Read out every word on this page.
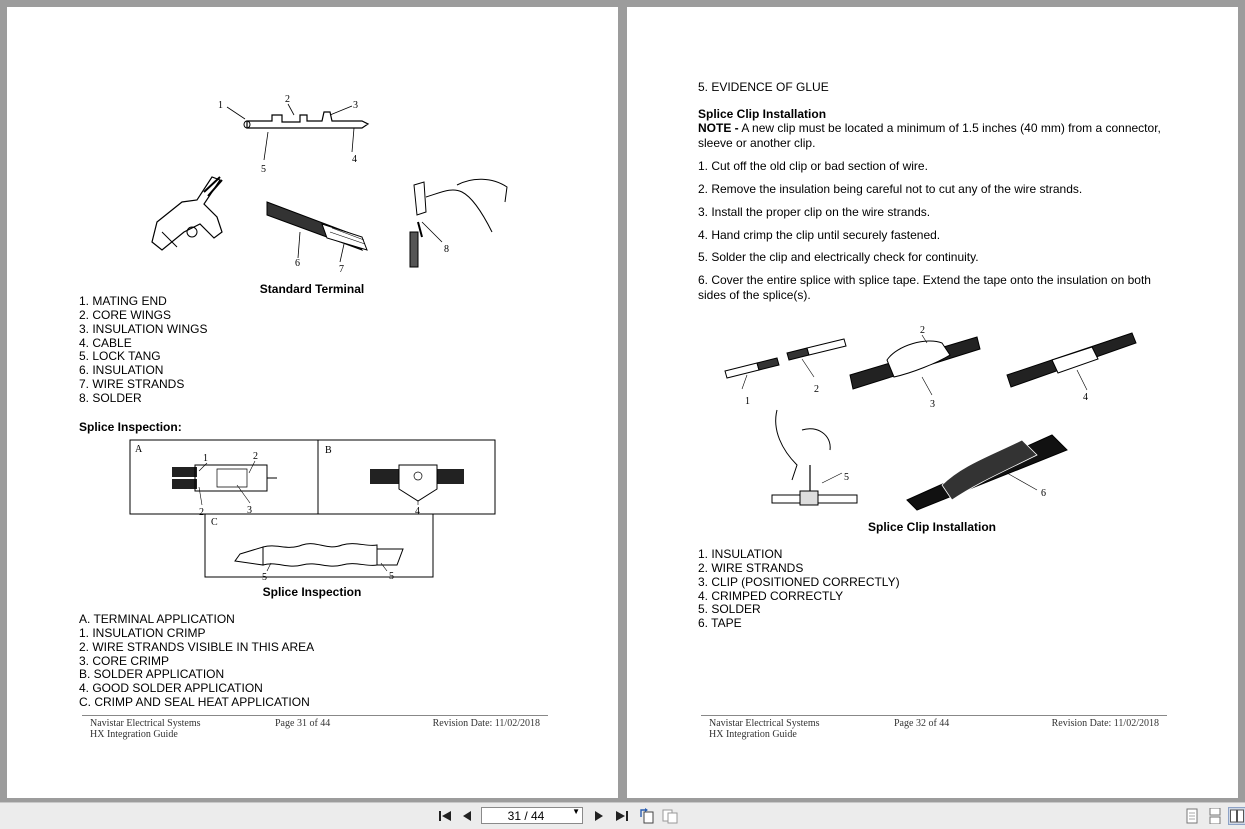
1
2
3
4
5
6
7
8
Standard Terminal
1. MATING END
2. CORE WINGS
3. INSULATION WINGS
4. CABLE
5. LOCK TANG
6. INSULATION
7. WIRE STRANDS
8. SOLDER
Splice Inspection:
A	B
C
1	2
2	3	4
5	5
Splice Inspection
A. TERMINAL APPLICATION
1. INSULATION CRIMP
2. WIRE STRANDS VISIBLE IN THIS AREA
3. CORE CRIMP
B. SOLDER APPLICATION
4. GOOD SOLDER APPLICATION
C. CRIMP AND SEAL HEAT APPLICATION
Navistar Electrical Systems
HX Integration Guide
Page 31 of 44	Revision Date: 11/02/2018
5. EVIDENCE OF GLUE
Splice Clip Installation
NOTE - A new clip must be located a minimum of 1.5 inches (40 mm) from a connector, sleeve or another clip.
1. Cut off the old clip or bad section of wire.
2. Remove the insulation being careful not to cut any of the wire strands.
3. Install the proper clip on the wire strands.
4. Hand crimp the clip until securely fastened.
5. Solder the clip and electrically check for continuity.
6. Cover the entire splice with splice tape. Extend the tape onto the insulation on both sides of the splice(s).
1
2
2
3
4
5
6
Splice Clip Installation
1. INSULATION
2. WIRE STRANDS
3. CLIP (POSITIONED CORRECTLY)
4. CRIMPED CORRECTLY
5. SOLDER
6. TAPE
Navistar Electrical Systems
HX Integration Guide
Page 32 of 44	Revision Date: 11/02/2018
31 / 44	▼
